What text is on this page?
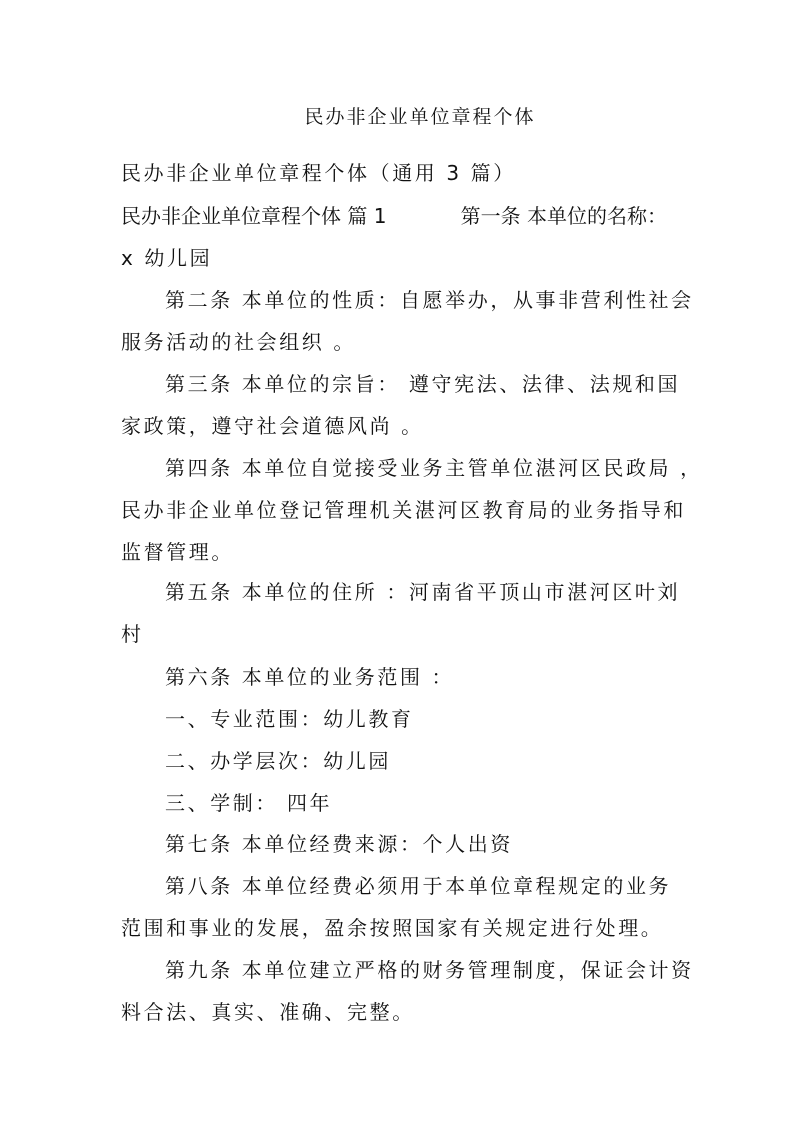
民办非企业单位章程个体
民办非企业单位章程个体（通用 3 篇）
民办非企业单位章程个体 篇 1	第一条 本单位的名称：
x 幼儿园
第二条 本单位的性质：自愿举办，从事非营利性社会
服务活动的社会组织 。
第三条 本单位的宗旨： 遵守宪法、法律、法规和国
家政策，遵守社会道德风尚 。
第四条 本单位自觉接受业务主管单位湛河区民政局 ，
民办非企业单位登记管理机关湛河区教育局的业务指导和
监督管理。
第五条 本单位的住所 ：河南省平顶山市湛河区叶刘
村
第六条 本单位的业务范围 ：
一、专业范围：幼儿教育
二、办学层次：幼儿园
三、学制： 四年
第七条 本单位经费来源：个人出资
第八条 本单位经费必须用于本单位章程规定的业务
范围和事业的发展，盈余按照国家有关规定进行处理。
第九条 本单位建立严格的财务管理制度，保证会计资
料合法、真实、准确、完整。
